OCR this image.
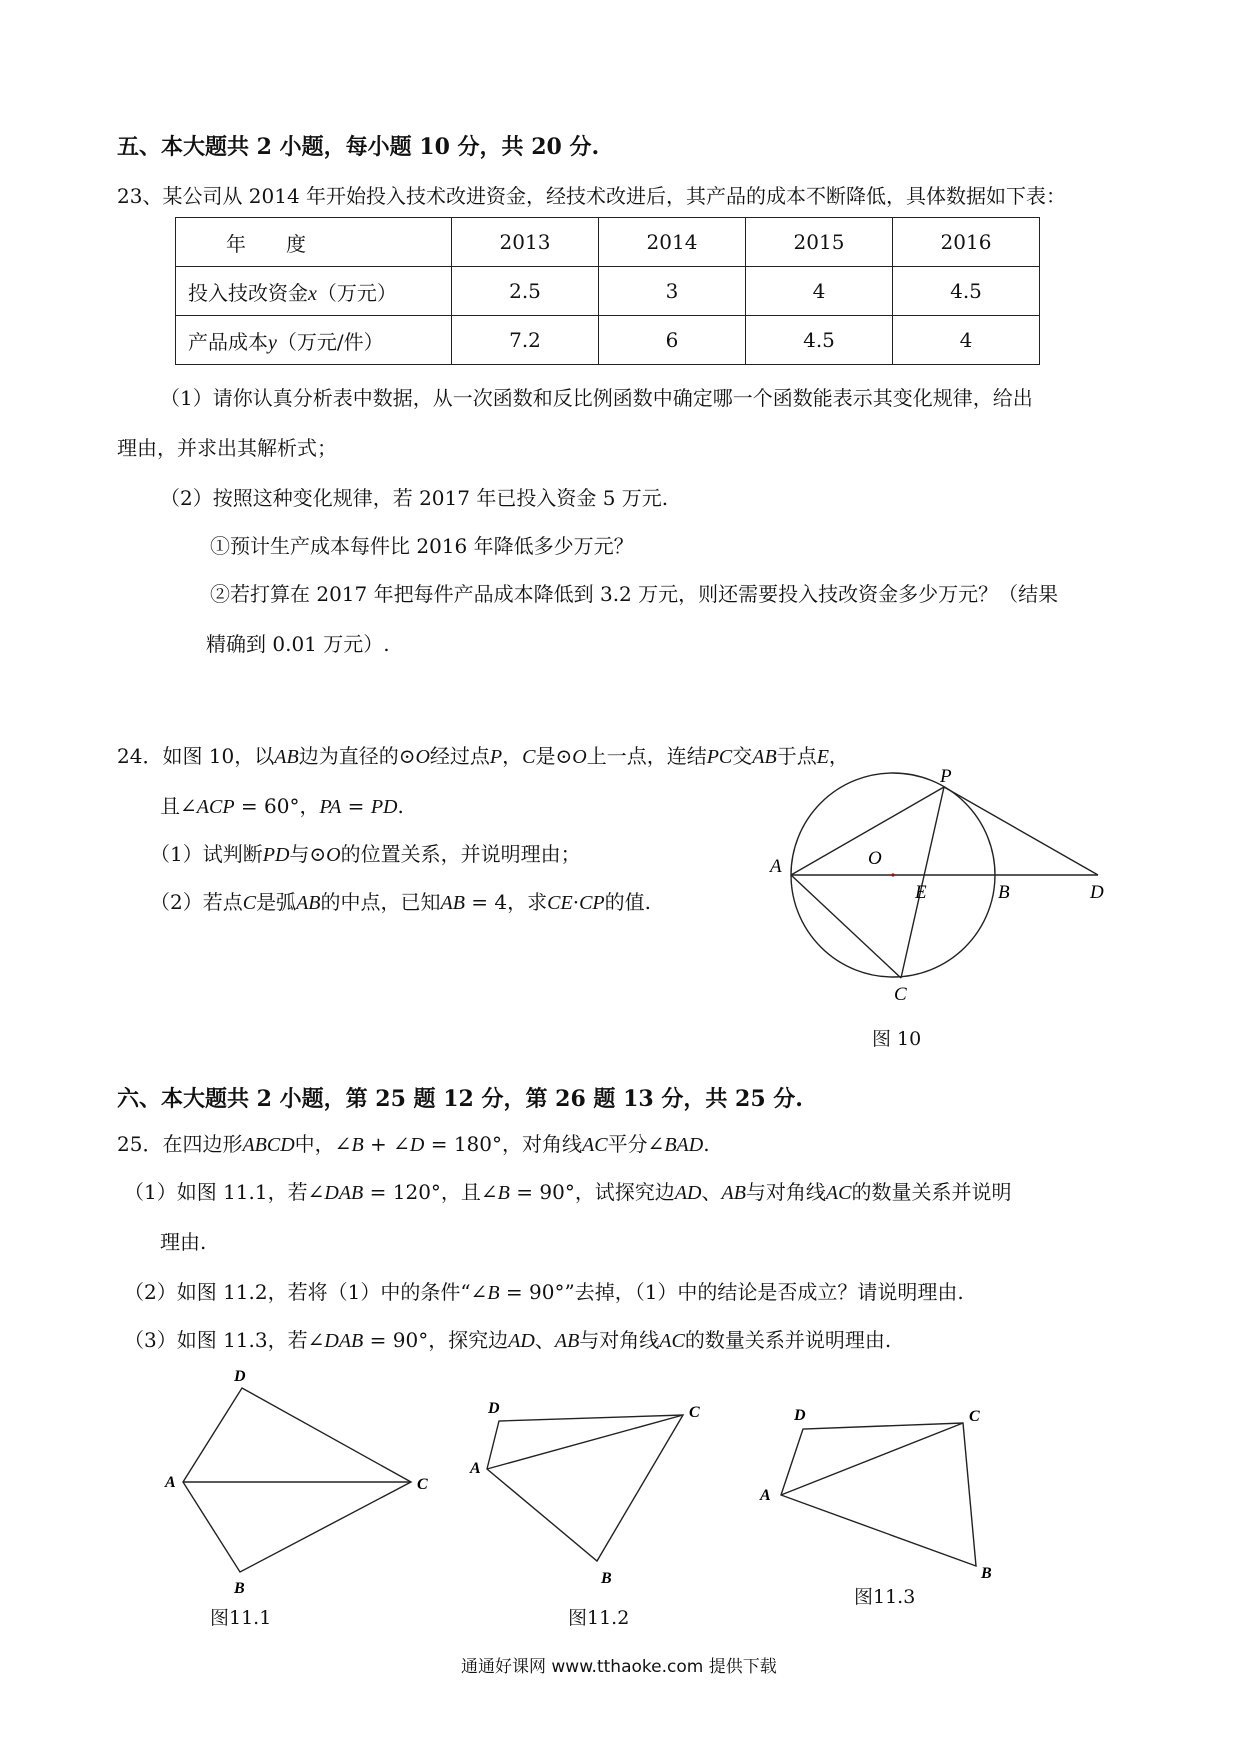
五、本大题共 2 小题，每小题 10 分，共 20 分.
23、某公司从 2014 年开始投入技术改进资金，经技术改进后，其产品的成本不断降低，具体数据如下表：
年　　度	2013	2014	2015	2016
投入技改资金x（万元）	2.5	3	4	4.5
产品成本y（万元/件）	7.2	6	4.5	4
（1）请你认真分析表中数据，从一次函数和反比例函数中确定哪一个函数能表示其变化规律，给出
理由，并求出其解析式；
（2）按照这种变化规律，若 2017 年已投入资金 5 万元.
①预计生产成本每件比 2016 年降低多少万元？
②若打算在 2017 年把每件产品成本降低到 3.2 万元，则还需要投入技改资金多少万元？（结果
精确到 0.01 万元）.
24．如图 10，以AB边为直径的⊙O经过点P，C是⊙O上一点，连结PC交AB于点E，
且∠ACP = 60°，PA = PD.
（1）试判断PD与⊙O的位置关系，并说明理由；
（2）若点C是弧AB的中点，已知AB = 4，求CE·CP的值.
P
O
A
E	B	D
C
图 10
六、本大题共 2 小题，第 25 题 12 分，第 26 题 13 分，共 25 分.
25．在四边形ABCD中，∠B + ∠D = 180°，对角线AC平分∠BAD.
（1）如图 11.1，若∠DAB = 120°，且∠B = 90°，试探究边AD、AB与对角线AC的数量关系并说明
理由.
（2）如图 11.2，若将（1）中的条件“∠B = 90°”去掉，（1）中的结论是否成立？请说明理由.
（3）如图 11.3，若∠DAB = 90°，探究边AD、AB与对角线AC的数量关系并说明理由.
D
A	C
B
D
A
C
B
D
A
C
B
图11.1	图11.2
图11.3
通通好课网 www.tthaoke.com 提供下载
